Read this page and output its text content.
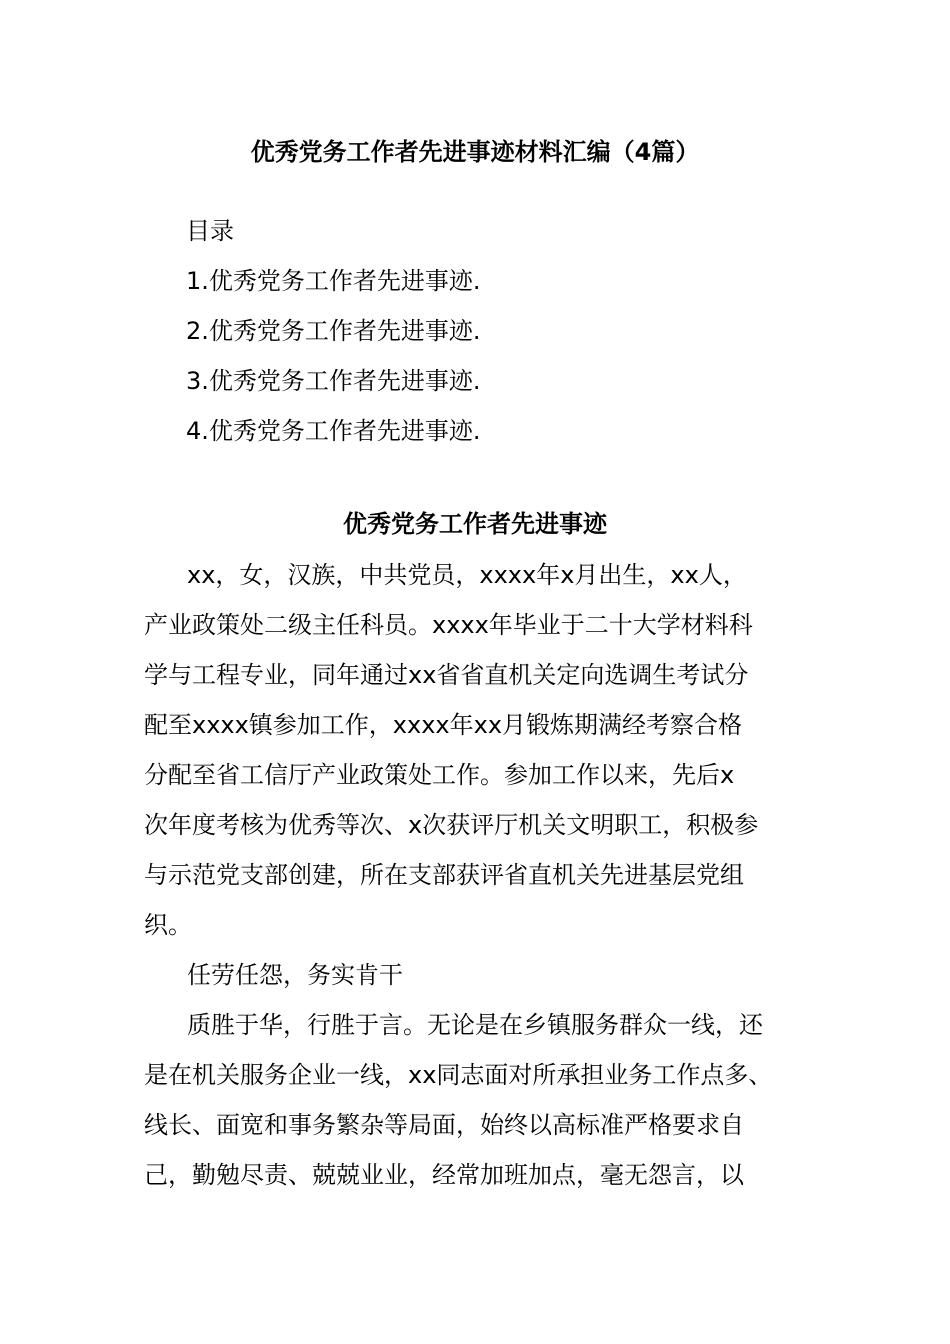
优秀党务工作者先进事迹材料汇编（4篇）
目录
1.优秀党务工作者先进事迹.
2.优秀党务工作者先进事迹.
3.优秀党务工作者先进事迹.
4.优秀党务工作者先进事迹.
优秀党务工作者先进事迹
xx，女，汉族，中共党员，xxxx年x月出生，xx人，
产业政策处二级主任科员。xxxx年毕业于二十大学材料科
学与工程专业，同年通过xx省省直机关定向选调生考试分
配至xxxx镇参加工作，xxxx年xx月锻炼期满经考察合格
分配至省工信厅产业政策处工作。参加工作以来，先后x
次年度考核为优秀等次、x次获评厅机关文明职工，积极参
与示范党支部创建，所在支部获评省直机关先进基层党组
织。
任劳任怨，务实肯干
质胜于华，行胜于言。无论是在乡镇服务群众一线，还
是在机关服务企业一线，xx同志面对所承担业务工作点多、
线长、面宽和事务繁杂等局面，始终以高标准严格要求自
己，勤勉尽责、兢兢业业，经常加班加点，毫无怨言，以
